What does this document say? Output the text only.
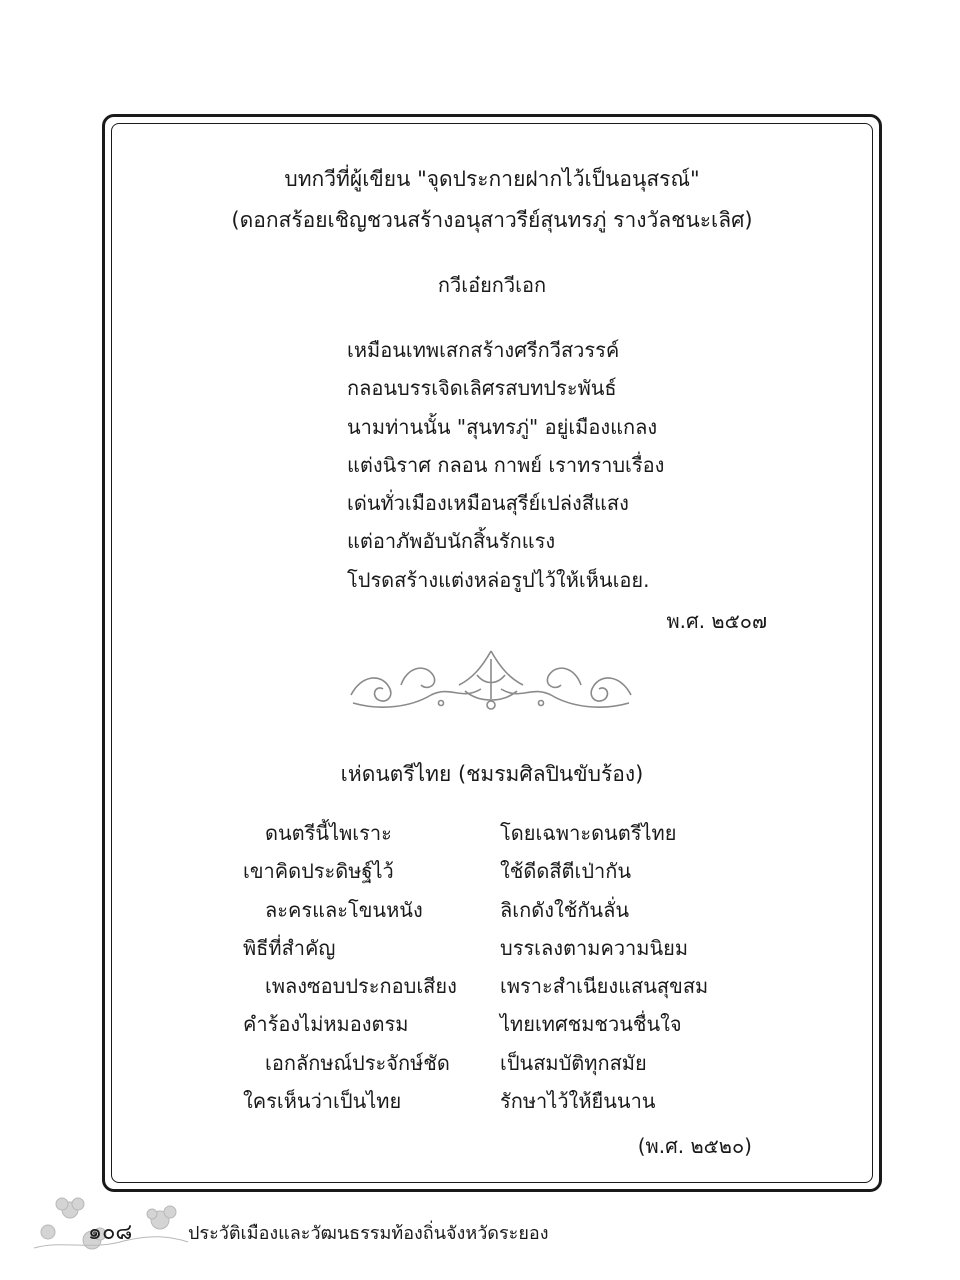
บทกวีที่ผู้เขียน "จุดประกายฝากไว้เป็นอนุสรณ์"
(ดอกสร้อยเชิญชวนสร้างอนุสาวรีย์สุนทรภู่ รางวัลชนะเลิศ)
กวีเอ๋ยกวีเอก
เหมือนเทพเสกสร้างศรีกวีสวรรค์
กลอนบรรเจิดเลิศรสบทประพันธ์
นามท่านนั้น "สุนทรภู่" อยู่เมืองแกลง
แต่งนิราศ กลอน กาพย์ เราทราบเรื่อง
เด่นทั่วเมืองเหมือนสุรีย์เปล่งสีแสง
แต่อาภัพอับนักสิ้นรักแรง
โปรดสร้างแต่งหล่อรูปไว้ให้เห็นเอย.
พ.ศ. ๒๕๐๗
เห่ดนตรีไทย (ชมรมศิลปินขับร้อง)
ดนตรีนี้ไพเราะ	โดยเฉพาะดนตรีไทย
เขาคิดประดิษฐ์ไว้	ใช้ดีดสีตีเป่ากัน
ละครและโขนหนัง	ลิเกดังใช้กันลั่น
พิธีที่สำคัญ	บรรเลงตามความนิยม
เพลงซอบประกอบเสียง เพราะสำเนียงแสนสุขสม
คำร้องไม่หมองตรม	ไทยเทศชมชวนชื่นใจ
เอกลักษณ์ประจักษ์ชัด	เป็นสมบัติทุกสมัย
ใครเห็นว่าเป็นไทย	รักษาไว้ให้ยืนนาน
(พ.ศ. ๒๕๒๐)
๑๐๘	ประวัติเมืองและวัฒนธรรมท้องถิ่นจังหวัดระยอง
